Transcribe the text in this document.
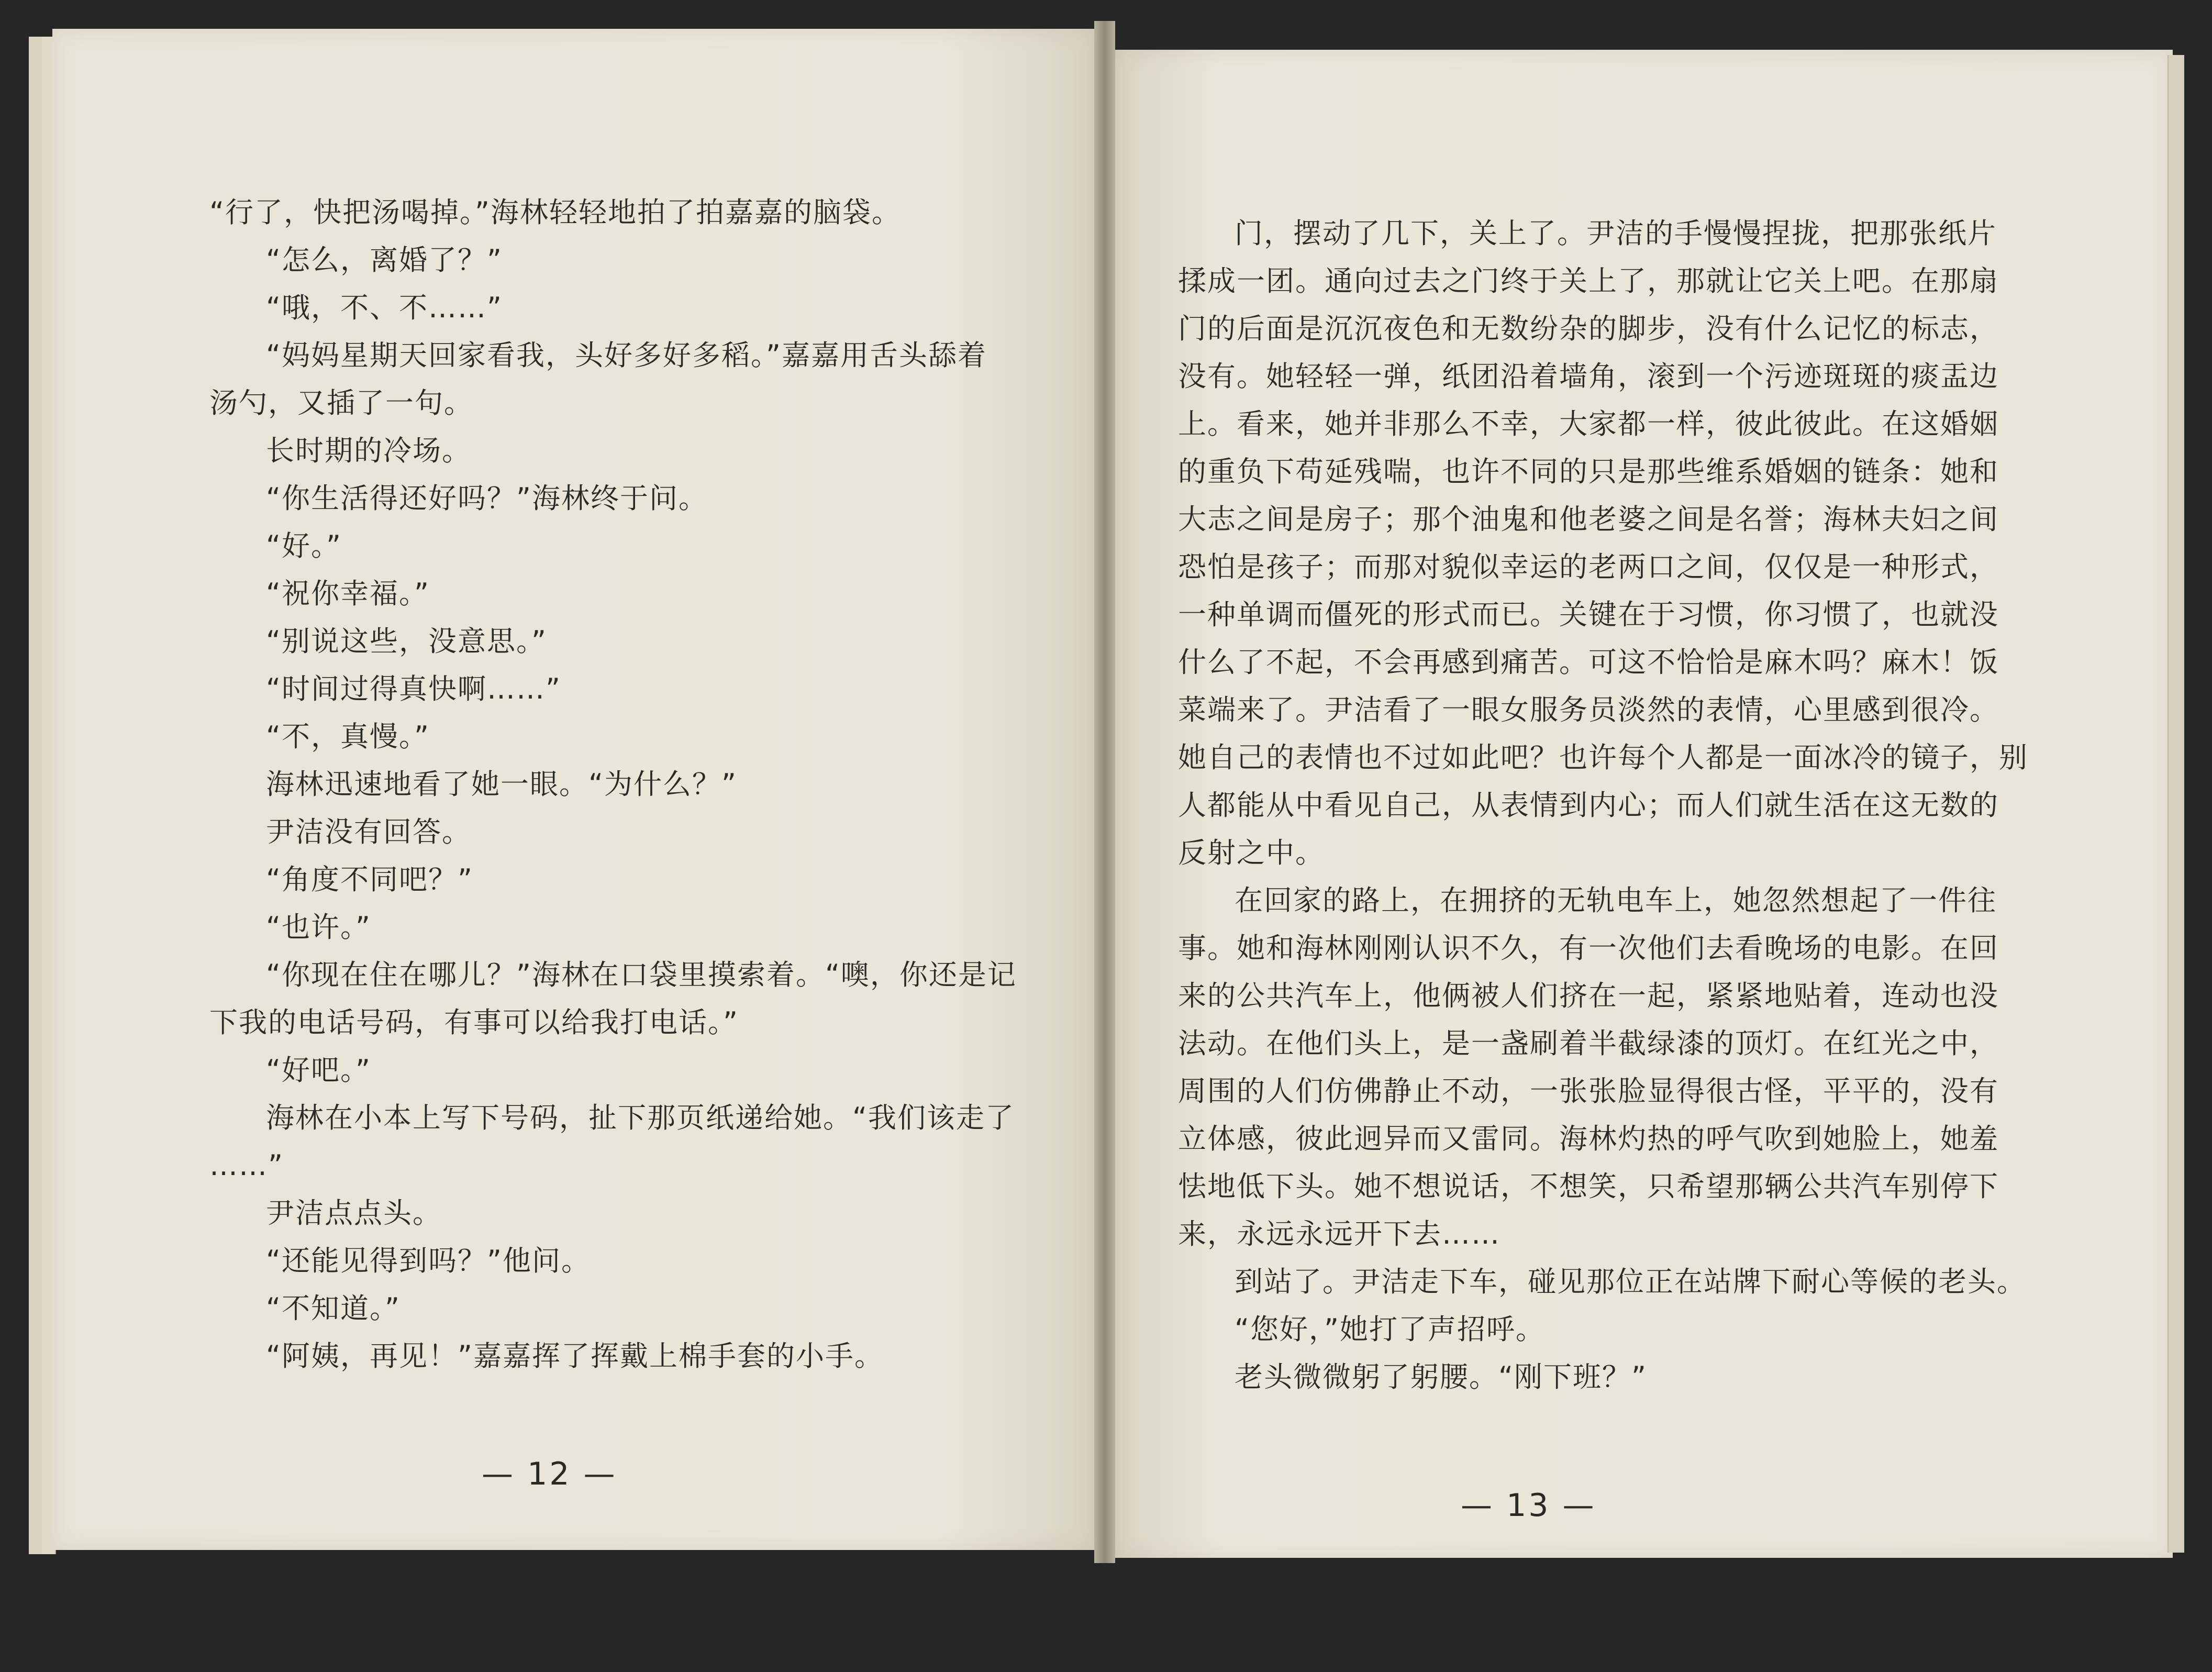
“行了，快把汤喝掉。”海林轻轻地拍了拍嘉嘉的脑袋。
“怎么，离婚了？”
“哦，不、不……”
“妈妈星期天回家看我，头好多好多稻。”嘉嘉用舌头舔着
汤勺，又插了一句。
长时期的冷场。
“你生活得还好吗？”海林终于问。
“好。”
“祝你幸福。”
“别说这些，没意思。”
“时间过得真快啊……”
“不，真慢。”
海林迅速地看了她一眼。“为什么？”
尹洁没有回答。
“角度不同吧？”
“也许。”
“你现在住在哪儿？”海林在口袋里摸索着。“噢，你还是记
下我的电话号码，有事可以给我打电话。”
“好吧。”
海林在小本上写下号码，扯下那页纸递给她。“我们该走了
……”
尹洁点点头。
“还能见得到吗？”他问。
“不知道。”
“阿姨，再见！”嘉嘉挥了挥戴上棉手套的小手。
— 12 —
门，摆动了几下，关上了。尹洁的手慢慢捏拢，把那张纸片
揉成一团。通向过去之门终于关上了，那就让它关上吧。在那扇
门的后面是沉沉夜色和无数纷杂的脚步，没有什么记忆的标志，
没有。她轻轻一弹，纸团沿着墙角，滚到一个污迹斑斑的痰盂边
上。看来，她并非那么不幸，大家都一样，彼此彼此。在这婚姻
的重负下苟延残喘，也许不同的只是那些维系婚姻的链条：她和
大志之间是房子；那个油鬼和他老婆之间是名誉；海林夫妇之间
恐怕是孩子；而那对貌似幸运的老两口之间，仅仅是一种形式，
一种单调而僵死的形式而已。关键在于习惯，你习惯了，也就没
什么了不起，不会再感到痛苦。可这不恰恰是麻木吗？麻木！饭
菜端来了。尹洁看了一眼女服务员淡然的表情，心里感到很冷。
她自己的表情也不过如此吧？也许每个人都是一面冰冷的镜子，别
人都能从中看见自己，从表情到内心；而人们就生活在这无数的
反射之中。
在回家的路上，在拥挤的无轨电车上，她忽然想起了一件往
事。她和海林刚刚认识不久，有一次他们去看晚场的电影。在回
来的公共汽车上，他俩被人们挤在一起，紧紧地贴着，连动也没
法动。在他们头上，是一盏刷着半截绿漆的顶灯。在红光之中，
周围的人们仿佛静止不动，一张张脸显得很古怪，平平的，没有
立体感，彼此迥异而又雷同。海林灼热的呼气吹到她脸上，她羞
怯地低下头。她不想说话，不想笑，只希望那辆公共汽车别停下
来，永远永远开下去……
到站了。尹洁走下车，碰见那位正在站牌下耐心等候的老头。
“您好，”她打了声招呼。
老头微微躬了躬腰。“刚下班？”
— 13 —
